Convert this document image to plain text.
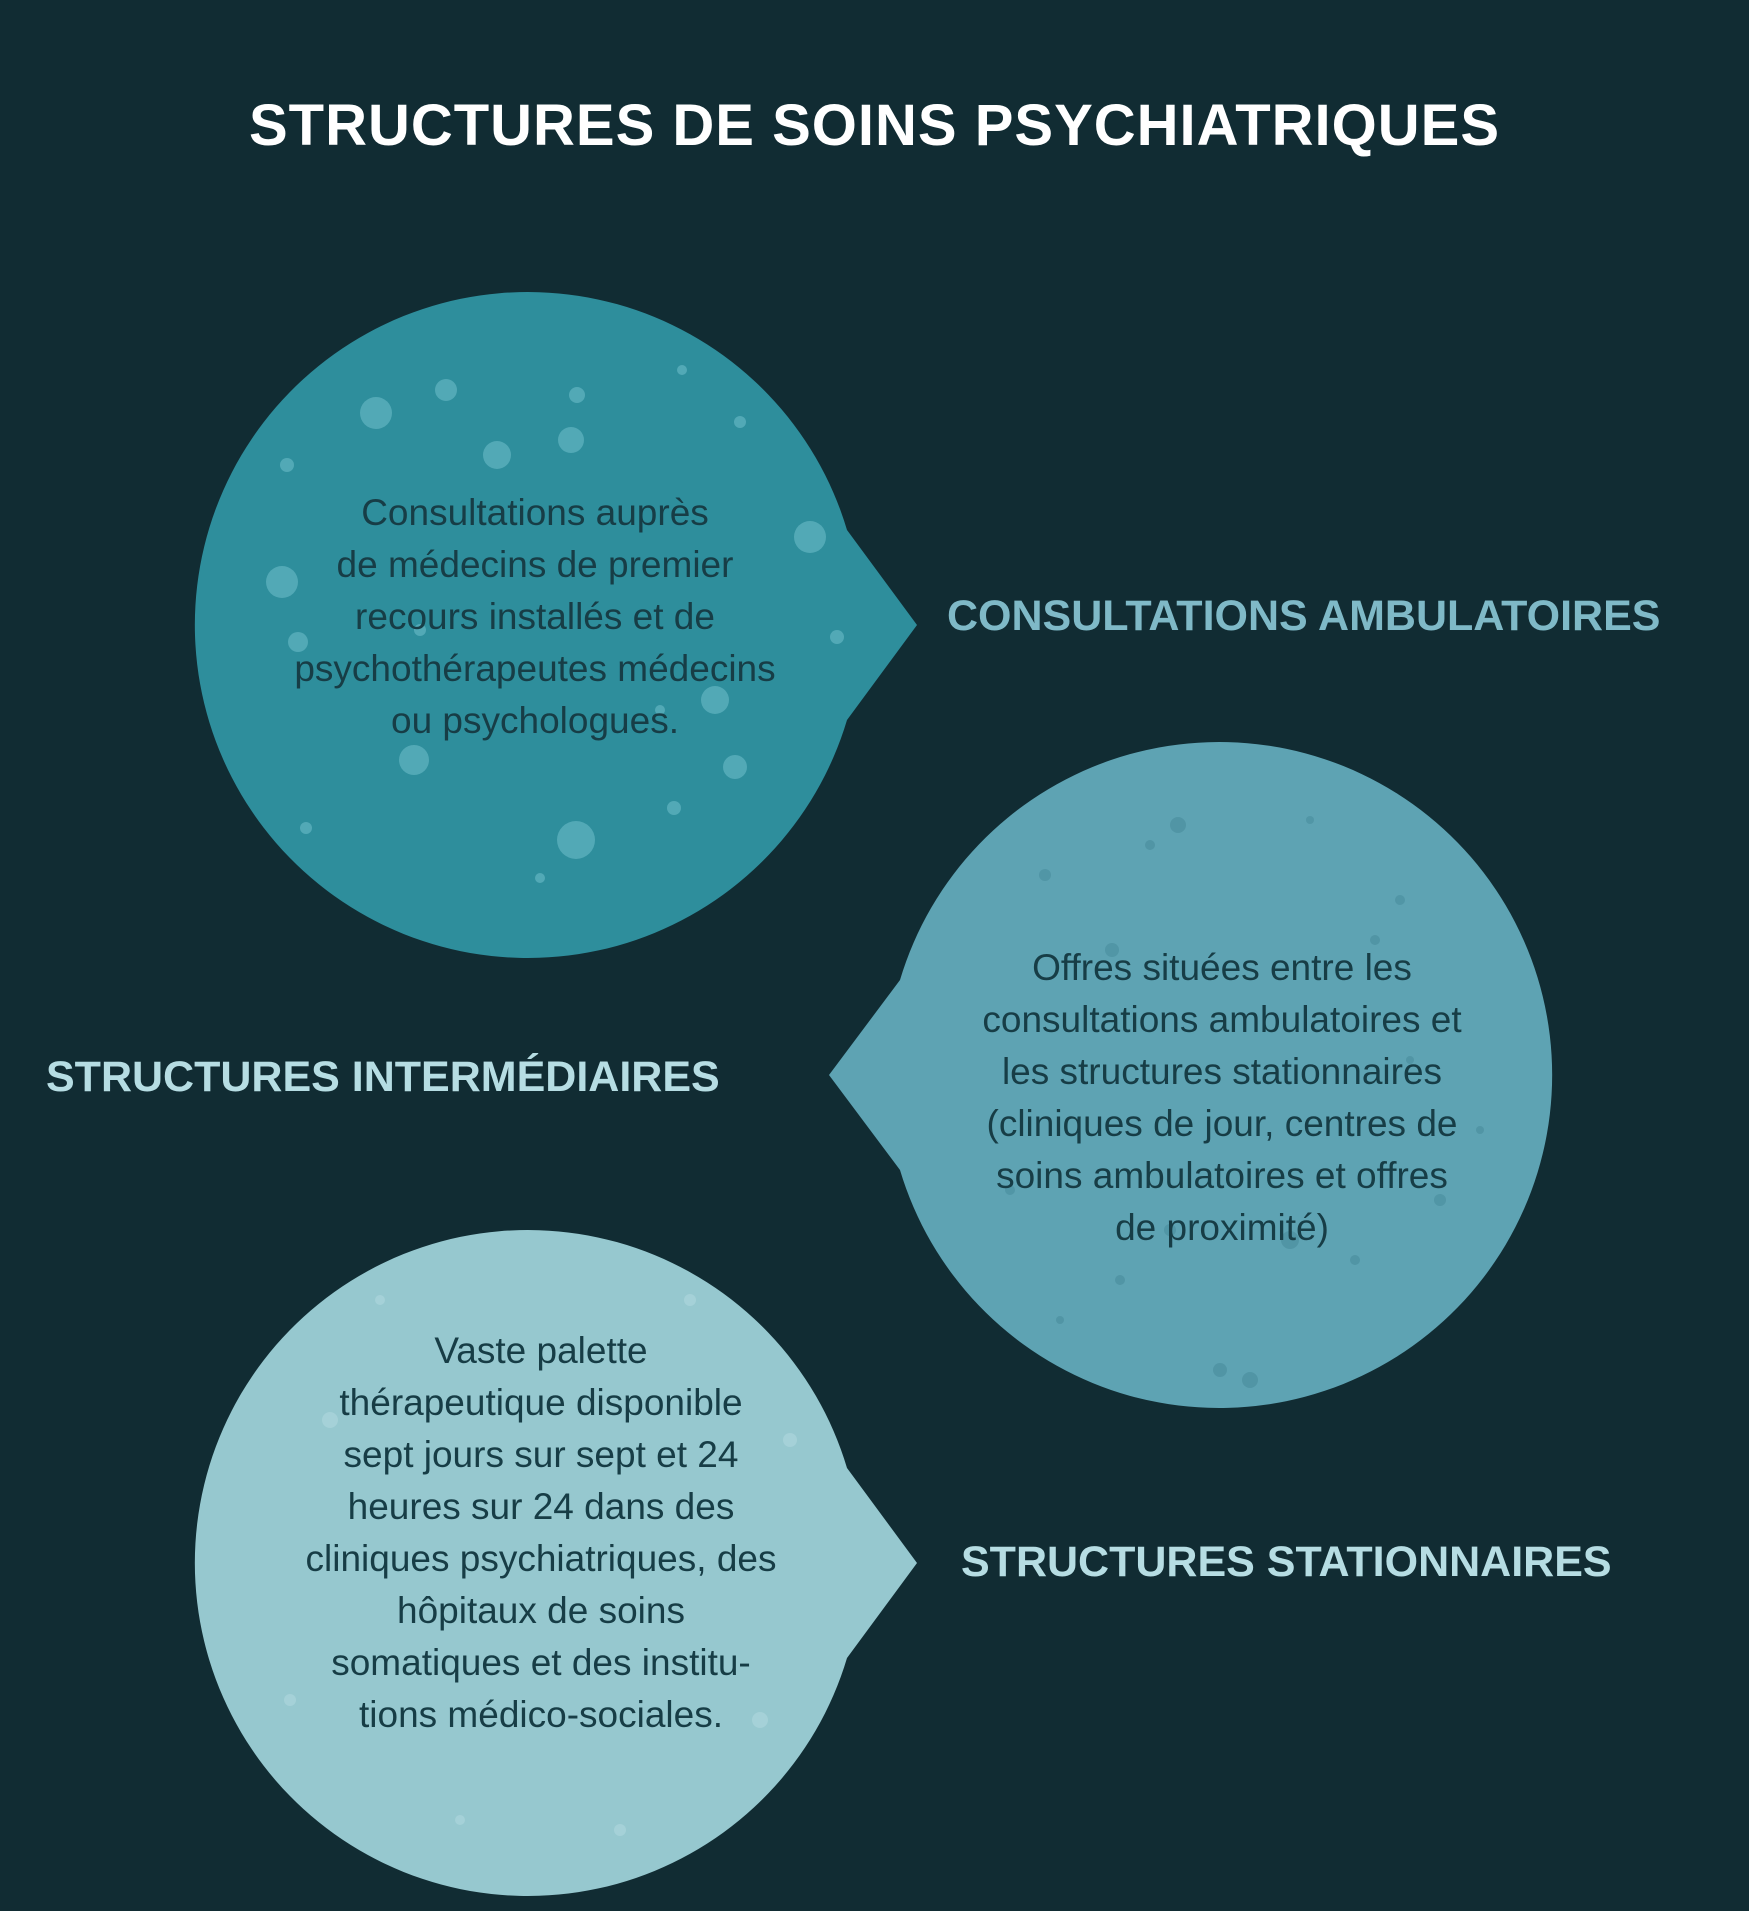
STRUCTURES DE SOINS PSYCHIATRIQUES
Consultations auprès
de médecins de premier
recours installés et de
psychothérapeutes médecins
ou psychologues.
CONSULTATIONS AMBULATOIRES
Offres situées entre les
consultations ambulatoires et
les structures stationnaires
(cliniques de jour, centres de
soins ambulatoires et offres
de proximité)
STRUCTURES INTERMÉDIAIRES
Vaste palette
thérapeutique disponible
sept jours sur sept et 24
heures sur 24 dans des
cliniques psychiatriques, des
hôpitaux de soins
somatiques et des institu-
tions médico-sociales.
STRUCTURES STATIONNAIRES
